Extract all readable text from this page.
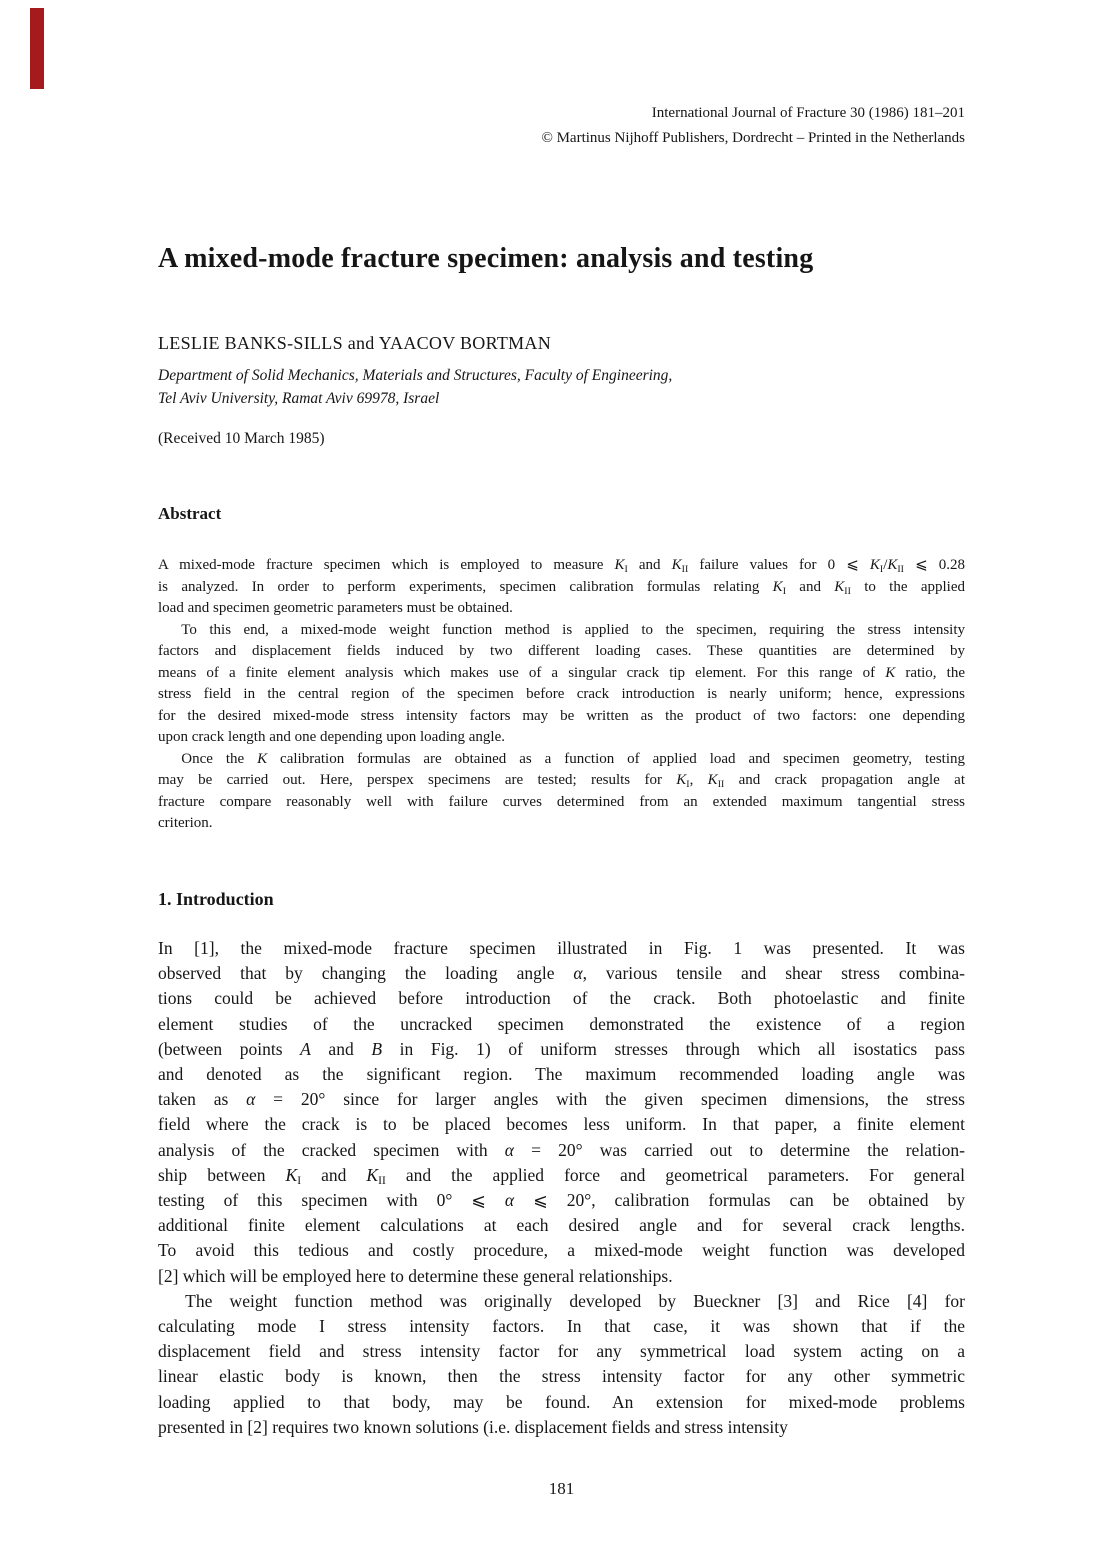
International Journal of Fracture 30 (1986) 181–201
© Martinus Nijhoff Publishers, Dordrecht – Printed in the Netherlands
A mixed-mode fracture specimen: analysis and testing
LESLIE BANKS-SILLS and YAACOV BORTMAN
Department of Solid Mechanics, Materials and Structures, Faculty of Engineering,
Tel Aviv University, Ramat Aviv 69978, Israel
(Received 10 March 1985)
Abstract
A mixed-mode fracture specimen which is employed to measure $K_I$ and $K_{II}$ failure values for 0 ⩽ $K_I/K_{II}$ ⩽ 0.28
is analyzed. In order to perform experiments, specimen calibration formulas relating $K_I$ and $K_{II}$ to the applied
load and specimen geometric parameters must be obtained.
To this end, a mixed-mode weight function method is applied to the specimen, requiring the stress intensity
factors and displacement fields induced by two different loading cases. These quantities are determined by
means of a finite element analysis which makes use of a singular crack tip element. For this range of K ratio, the
stress field in the central region of the specimen before crack introduction is nearly uniform; hence, expressions
for the desired mixed-mode stress intensity factors may be written as the product of two factors: one depending
upon crack length and one depending upon loading angle.
Once the K calibration formulas are obtained as a function of applied load and specimen geometry, testing
may be carried out. Here, perspex specimens are tested; results for $K_I$, $K_{II}$ and crack propagation angle at
fracture compare reasonably well with failure curves determined from an extended maximum tangential stress
criterion.
1. Introduction
In [1], the mixed-mode fracture specimen illustrated in Fig. 1 was presented. It was
observed that by changing the loading angle α, various tensile and shear stress combina-
tions could be achieved before introduction of the crack. Both photoelastic and finite
element studies of the uncracked specimen demonstrated the existence of a region
(between points A and B in Fig. 1) of uniform stresses through which all isostatics pass
and denoted as the significant region. The maximum recommended loading angle was
taken as α = 20° since for larger angles with the given specimen dimensions, the stress
field where the crack is to be placed becomes less uniform. In that paper, a finite element
analysis of the cracked specimen with α = 20° was carried out to determine the relation-
ship between $K_I$ and $K_{II}$ and the applied force and geometrical parameters. For general
testing of this specimen with 0° ⩽ α ⩽ 20°, calibration formulas can be obtained by
additional finite element calculations at each desired angle and for several crack lengths.
To avoid this tedious and costly procedure, a mixed-mode weight function was developed
[2] which will be employed here to determine these general relationships.
The weight function method was originally developed by Bueckner [3] and Rice [4] for
calculating mode I stress intensity factors. In that case, it was shown that if the
displacement field and stress intensity factor for any symmetrical load system acting on a
linear elastic body is known, then the stress intensity factor for any other symmetric
loading applied to that body, may be found. An extension for mixed-mode problems
presented in [2] requires two known solutions (i.e. displacement fields and stress intensity
181
